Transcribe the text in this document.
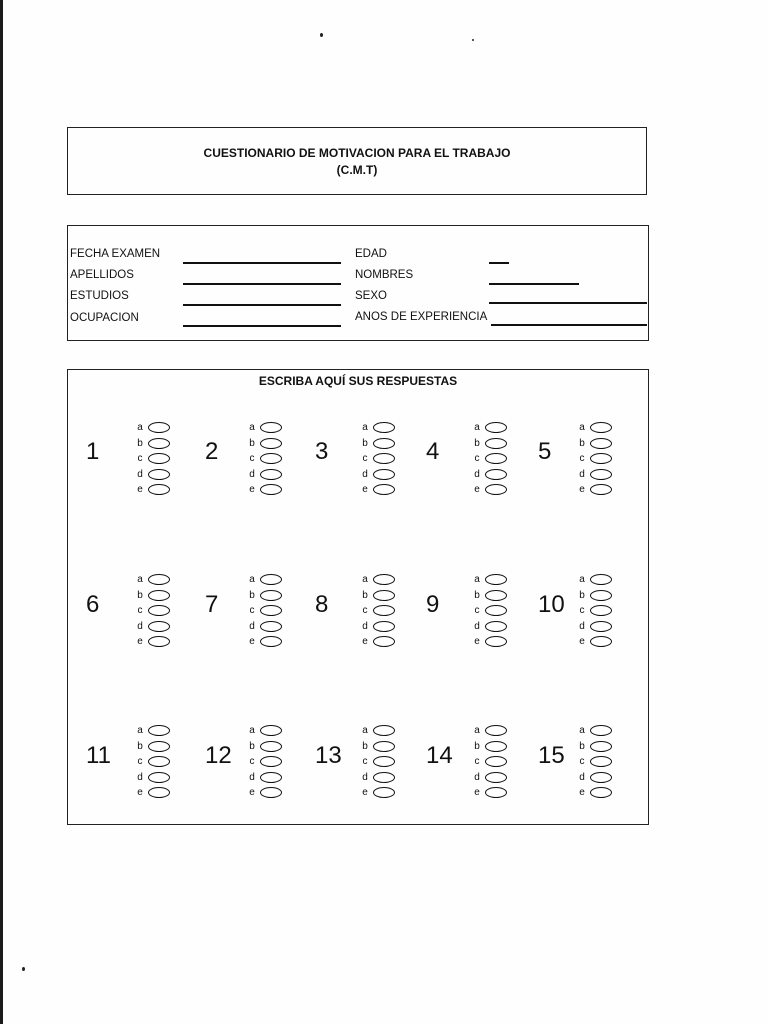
CUESTIONARIO DE MOTIVACION PARA EL TRABAJO
(C.M.T)
FECHA EXAMEN
APELLIDOS
ESTUDIOS
OCUPACION
EDAD
NOMBRES
SEXO
ANOS DE EXPERIENCIA
ESCRIBA AQUÍ SUS RESPUESTAS
1
a
b
c
d
e
2
a
b
c
d
e
3
a
b
c
d
e
4
a
b
c
d
e
5
a
b
c
d
e
6
a
b
c
d
e
7
a
b
c
d
e
8
a
b
c
d
e
9
a
b
c
d
e
10
a
b
c
d
e
11
a
b
c
d
e
12
a
b
c
d
e
13
a
b
c
d
e
14
a
b
c
d
e
15
a
b
c
d
e
